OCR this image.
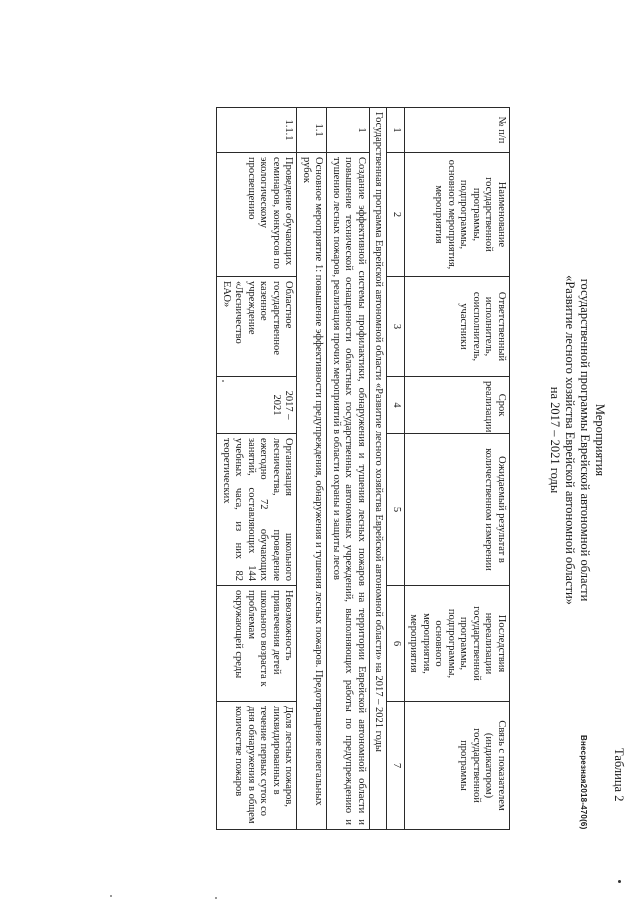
Таблица 2
Внесрезная2018-470(6)
Мероприятия
государственной программы Еврейской автономной области
«Развитие лесного хозяйства Еврейской автономной области»
на 2017 – 2021 годы
№ п/п	Наименование государственной программы, подпрограммы, основного мероприятия, мероприятия	Ответственный исполнитель, соисполнитель, участники	Срок реализации	Ожидаемый результат в количественном измерении	Последствия нереализации государственной программы, подпрограммы, основного мероприятия, мероприятия	Связь с показателем (индикатором) государственной программы
1	2	3	4	5	6	7
Государственная программа Еврейской автономной области «Развитие лесного хозяйства Еврейской автономной области» на 2017 – 2021 годы						
1	Создание эффективной системы профилактики, обнаружения и тушения лесных пожаров на территории Еврейской автономной области и повышение технической оснащенности областных государственных автономных учреждений, выполняющих работы по предупреждению и тушению лесных пожаров, реализация прочих мероприятий в области охраны и защиты лесов					
1.1	Основное мероприятие 1: повышение эффективности предупреждения, обнаружения и тушения лесных пожаров. Предотвращение нелегальных рубок					
1.1.1	Проведение обучающих семинаров, конкурсов по экологическому просвещению	Областное государственное казенное учреждение «Лесничество ЕАО»	2017 – 2021	Организация школьного лесничества, проведение ежегодно 72 обучающих занятий, составляющих 144 учебных часа, из них 82 теоретических	Невозможность привлечения детей школьного возраста к проблемам окружающей среды	Доля лесных пожаров, ликвидированных в течение первых суток со дня обнаружения в общем количестве пожаров
